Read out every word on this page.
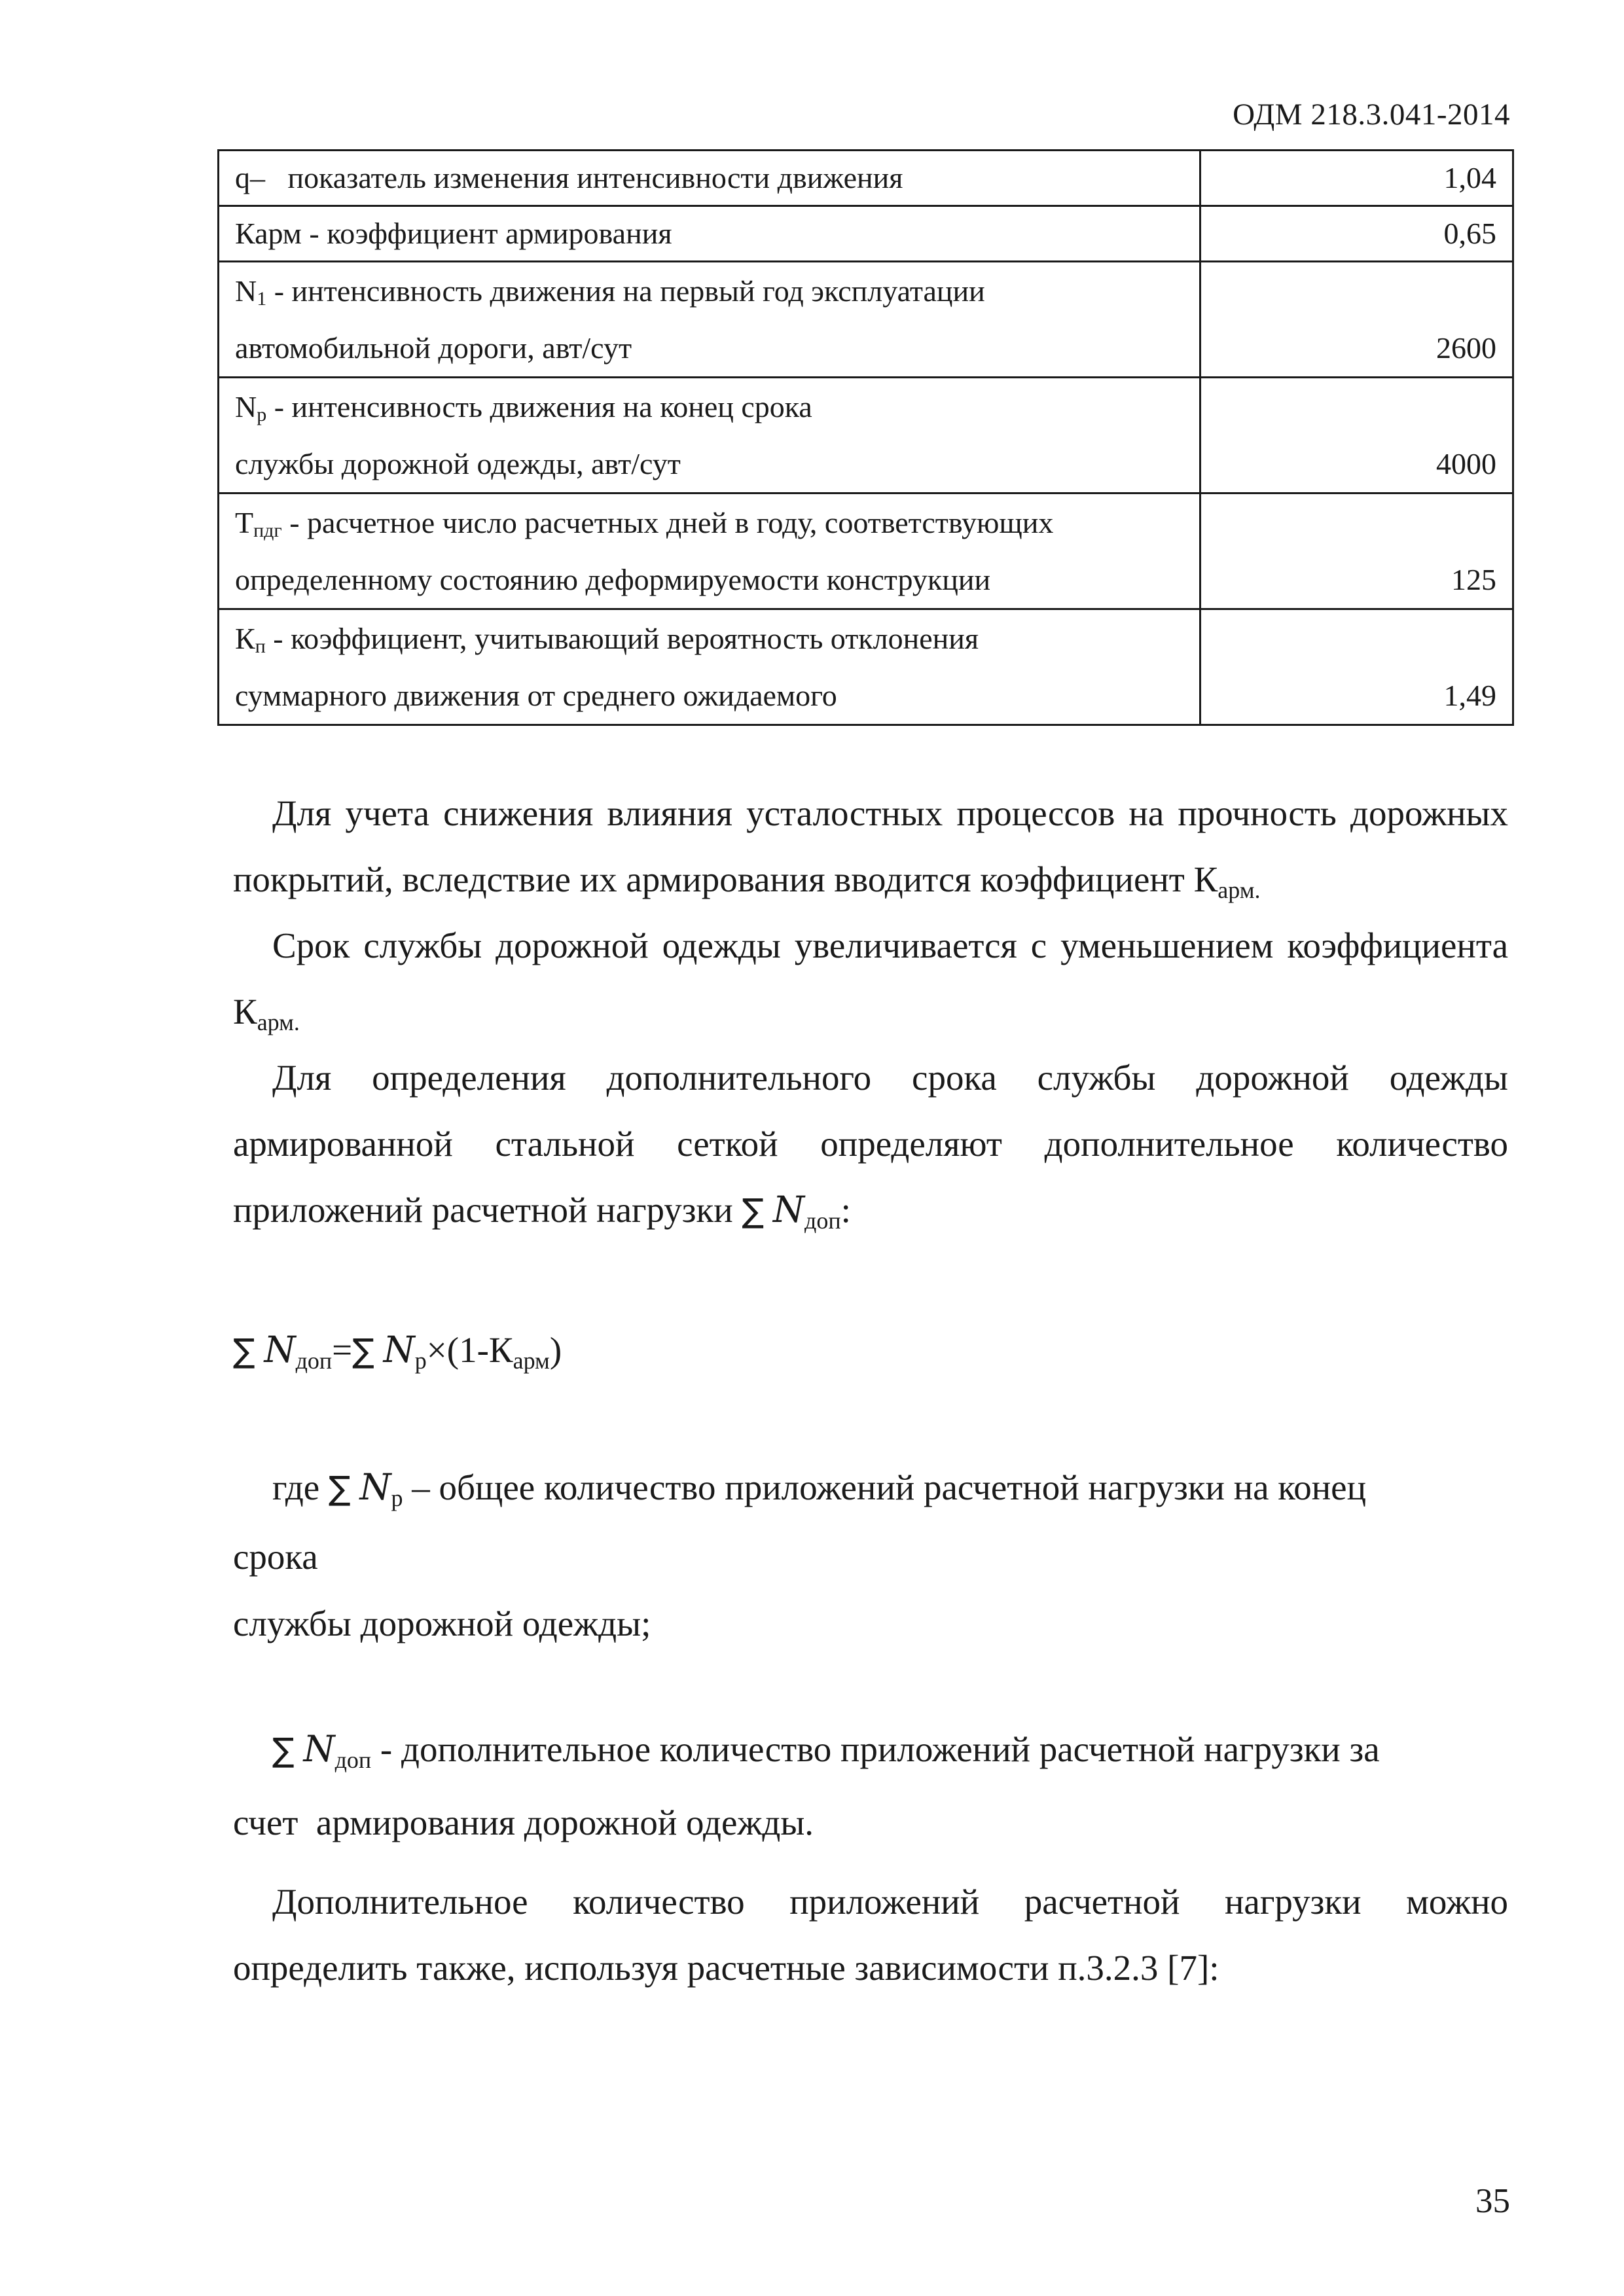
ОДМ 218.3.041-2014
q–   показатель изменения интенсивности движения	1,04
Карм - коэффициент армирования	0,65
$N_1$ - интенсивность движения на первый год эксплуатации
автомобильной дороги, авт/сут	2600
$N_p$ - интенсивность движения на конец срока
службы дорожной одежды, авт/сут	4000
$Т_{пдг}$ - расчетное число расчетных дней в году, соответствующих
определенному состоянию деформируемости конструкции	125
$К_п$ - коэффициент, учитывающий вероятность отклонения
суммарного движения от среднего ожидаемого	1,49

Для учета снижения влияния усталостных процессов на прочность дорожных покрытий, вследствие их армирования вводится коэффициент $К_{арм.}$

Срок службы дорожной одежды увеличивается с уменьшением коэффициента $К_{арм.}$

Для определения дополнительного срока службы дорожной одежды армированной стальной сеткой определяют дополнительное количество приложений расчетной нагрузки ∑ $N_{доп}$:

∑ $N_{доп}=\sum$ $N_р\times(1-К_{арм})$
где ∑ $N_р$ – общее количество приложений расчетной нагрузки на конец
срока
службы дорожной одежды;
∑ $N_{доп}$ - дополнительное количество приложений расчетной нагрузки за
счет  армирования дорожной одежды.

Дополнительное количество приложений расчетной нагрузки можно определить также, используя расчетные зависимости п.3.2.3 [7]:

35
